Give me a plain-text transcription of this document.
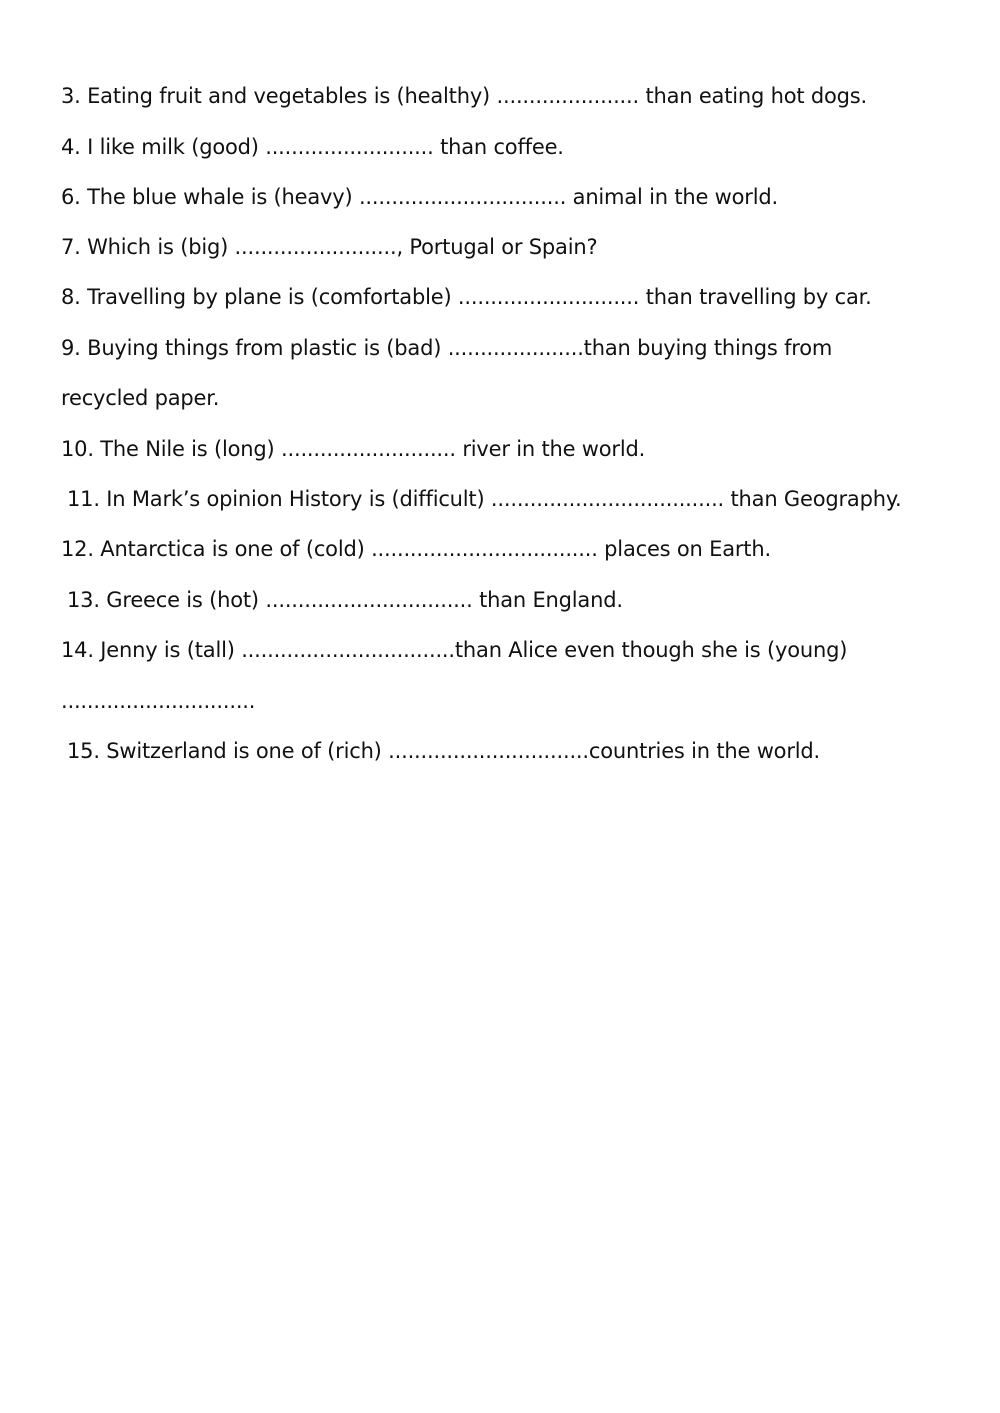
3. Eating fruit and vegetables is (healthy) ...................... than eating hot dogs.
4. I like milk (good) .......................... than coffee.
6. The blue whale is (heavy) ................................ animal in the world.
7. Which is (big) ........................., Portugal or Spain?
8. Travelling by plane is (comfortable) ............................ than travelling by car.
9. Buying things from plastic is (bad) .....................than buying things from
recycled paper.
10. The Nile is (long) ........................... river in the world.
11. In Mark’s opinion History is (difficult) .................................... than Geography.
12. Antarctica is one of (cold) ................................... places on Earth.
13. Greece is (hot) ................................ than England.
14. Jenny is (tall) .................................than Alice even though she is (young)
..............................
15. Switzerland is one of (rich) ...............................countries in the world.
